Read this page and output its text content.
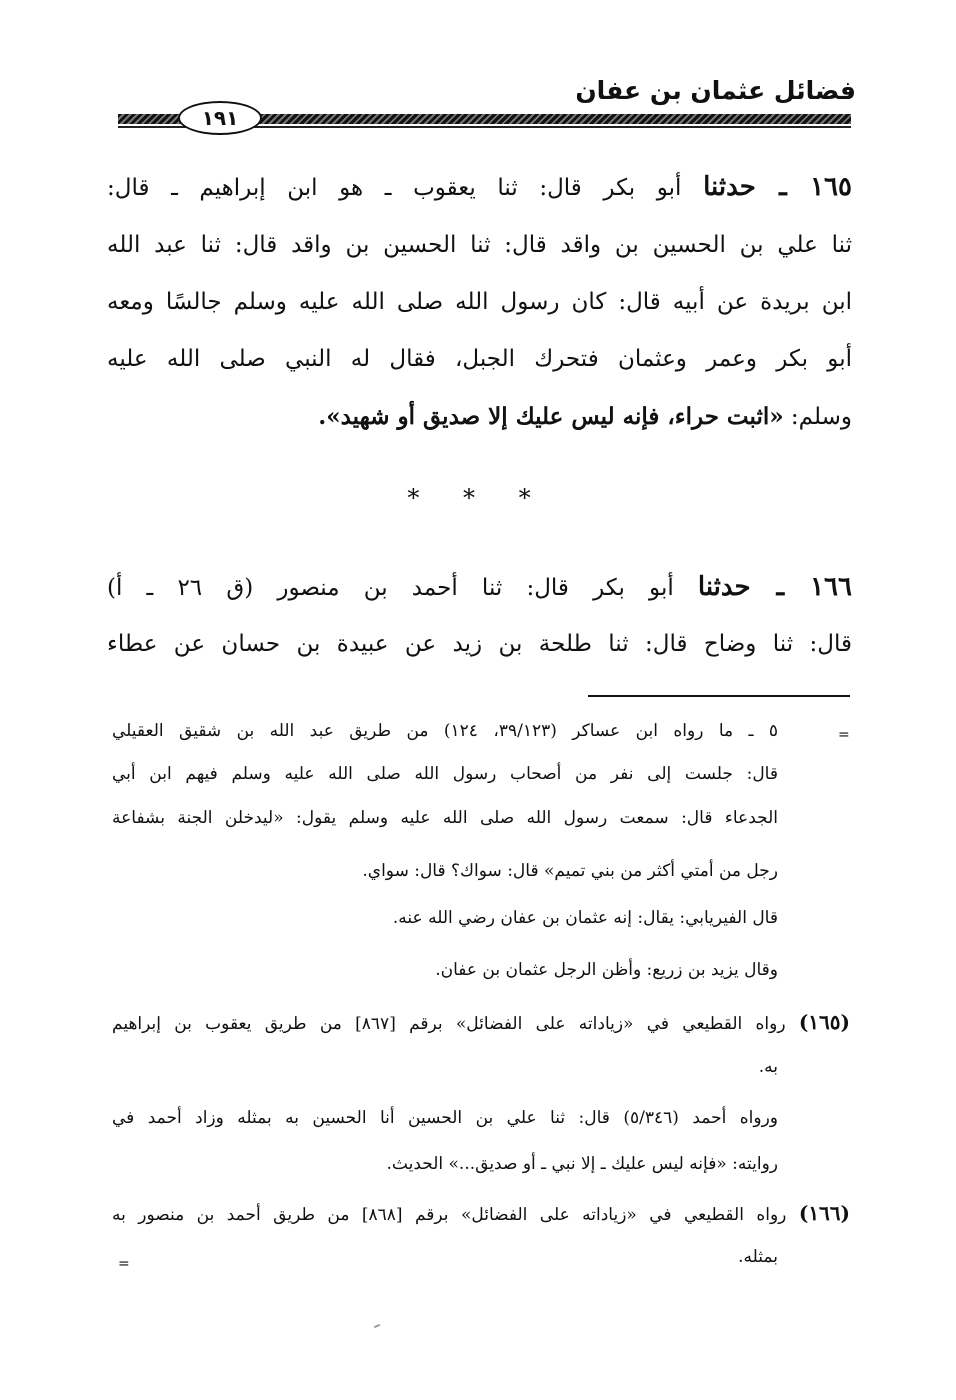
فضائل عثمان بن عفان
١٩١
١٦٥ ـ حدثنا أبو بكر قال: ثنا يعقوب ـ هو ابن إبراهيم ـ قال:
ثنا علي بن الحسين بن واقد قال: ثنا الحسين بن واقد قال: ثنا عبد الله
ابن بريدة عن أبيه قال: كان رسول الله صلى الله عليه وسلم جالسًا ومعه
أبو بكر وعمر وعثمان فتحرك الجبل، فقال له النبي صلى الله عليه
وسلم: «اثبت حراء، فإنه ليس عليك إلا صديق أو شهيد».
* * *
١٦٦ ـ حدثنا أبو بكر قال: ثنا أحمد بن منصور (ق ٢٦ ـ أ)
قال: ثنا وضاح قال: ثنا طلحة بن زيد عن عبيدة بن حسان عن عطاء
=
٥ ـ ما رواه ابن عساكر (٣٩/١٢٣، ١٢٤) من طريق عبد الله بن شقيق العقيلي
قال: جلست إلى نفر من أصحاب رسول الله صلى الله عليه وسلم فيهم ابن أبي
الجدعاء قال: سمعت رسول الله صلى الله عليه وسلم يقول: «ليدخلن الجنة بشفاعة
رجل من أمتي أكثر من بني تميم» قال: سواك؟ قال: سواي.
قال الفيريابي: يقال: إنه عثمان بن عفان رضي الله عنه.
وقال يزيد بن زريع: وأظن الرجل عثمان بن عفان.
(١٦٥) رواه القطيعي في «زياداته على الفضائل» برقم [٨٦٧] من طريق يعقوب بن إبراهيم
به.
ورواه أحمد (٥/٣٤٦) قال: ثنا علي بن الحسين أنا الحسين به بمثله وزاد أحمد في
روايته: «فإنه ليس عليك ـ إلا نبي ـ أو صديق...» الحديث.
(١٦٦) رواه القطيعي في «زياداته على الفضائل» برقم [٨٦٨] من طريق أحمد بن منصور به
بمثله.
=
